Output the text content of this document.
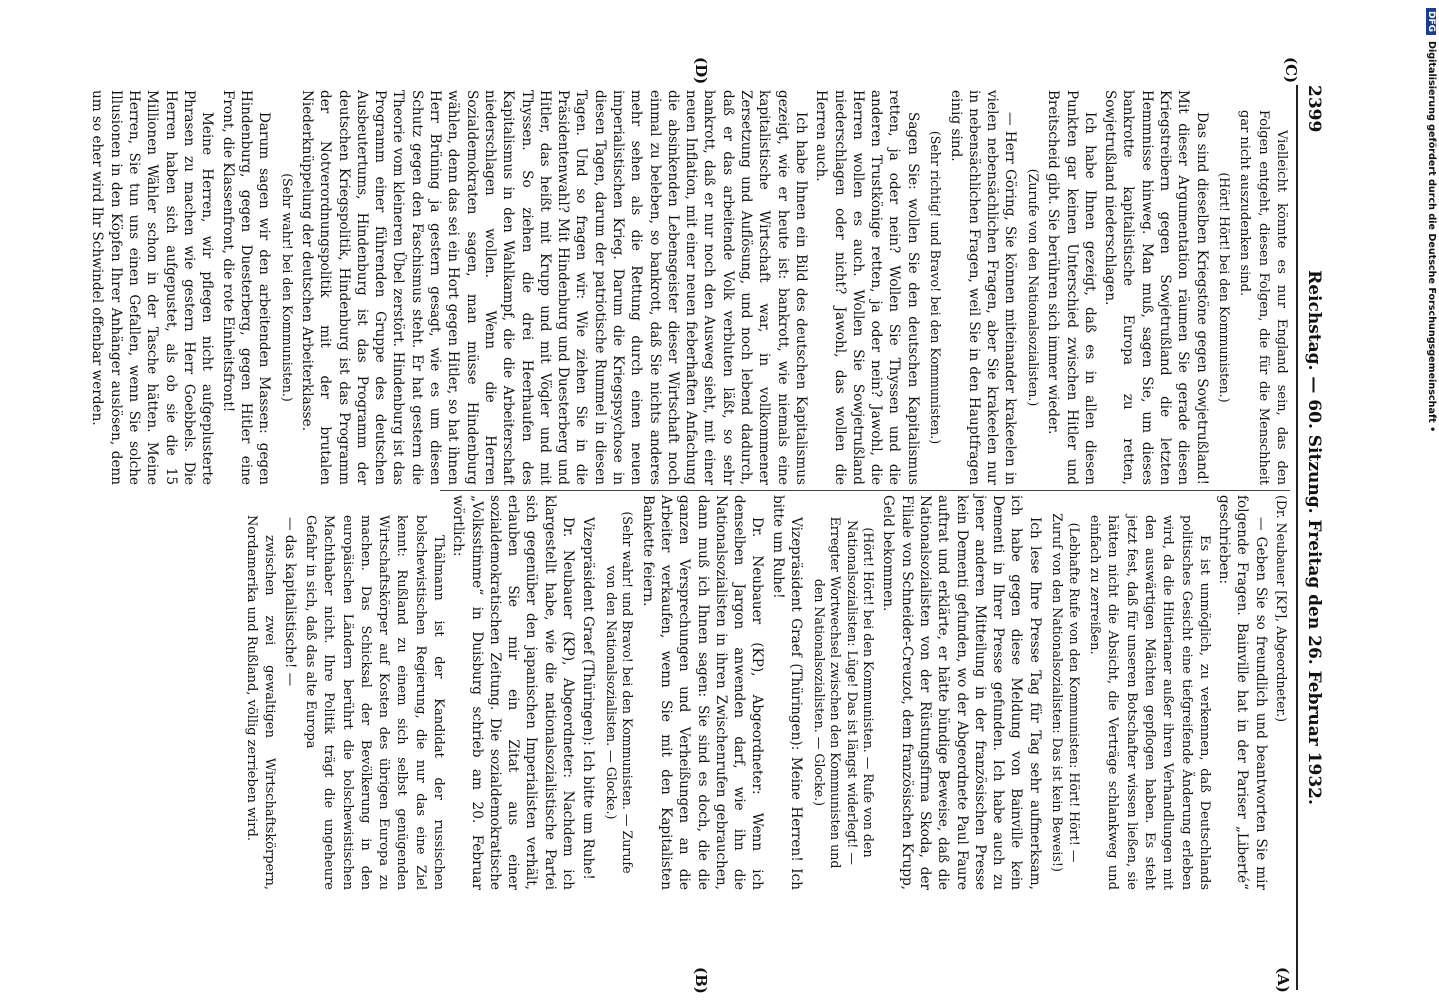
2399
Reichstag. — 60. Sitzung. Freitag den 26. Februar 1932.

Vielleicht könnte es nur England sein, das den Folgen entgeht, diesen Folgen, die für die Menschheit gar nicht auszudenken sind.

(Hört! Hört! bei den Kommunisten.)

Das sind dieselben Kriegstöne gegen Sowjetrußland! Mit dieser Argumentation räumen Sie gerade diesen Kriegstreibern gegen Sowjetrußland die letzten Hemmnisse hinweg. Man muß, sagen Sie, um dieses bankrotte kapitalistische Europa zu retten, Sowjetrußland niederschlagen.

Ich habe Ihnen gezeigt, daß es in allen diesen Punkten gar keinen Unterschied zwischen Hitler und Breitscheid gibt. Sie berühren sich immer wieder.

(Zurufe von den Nationalsozialisten.)

— Herr Göring, Sie können miteinander krakeelen in vielen nebensächlichen Fragen, aber Sie krakeelen nur in nebensächlichen Fragen, weil Sie in den Hauptfragen einig sind.

(Sehr richtig! und Bravo! bei den Kommunisten.)

Sagen Sie: wollen Sie den deutschen Kapitalismus retten, ja oder nein? Wollen Sie Thyssen und die anderen Trustkönige retten, ja oder nein? Jawohl, die Herren wollen es auch. Wollen Sie Sowjetrußland niederschlagen oder nicht? Jawohl, das wollen die Herren auch.

Ich habe Ihnen ein Bild des deutschen Kapitalismus gezeigt, wie er heute ist: bankrott, wie niemals eine kapitalistische Wirtschaft war, in vollkommener Zersetzung und Auflösung, und noch lebend dadurch, daß er das arbeitende Volk verbluten läßt, so sehr bankrott, daß er nur noch den Ausweg sieht, mit einer neuen Inflation, mit einer neuen fieberhaften Anfachung die absinkenden Lebensgeister dieser Wirtschaft noch einmal zu beleben, so bankrott, daß Sie nichts anderes mehr sehen als die Rettung durch einen neuen imperialistischen Krieg. Darum die Kriegspsychose in diesen Tagen, darum der patriotische Rummel in diesen Tagen. Und so fragen wir: Wie ziehen Sie in die Präsidentenwahl? Mit Hindenburg und Duesterberg und Hitler, das heißt mit Krupp und mit Vögler und mit Thyssen. So ziehen die drei Heerhaufen des Kapitalismus in den Wahlkampf, die die Arbeiterschaft niederschlagen wollen. Wenn die Herren Sozialdemokraten sagen, man müsse Hindenburg wählen, denn das sei ein Hort gegen Hitler, so hat ihnen Herr Brüning ja gestern gesagt, wie es um diesen Schutz gegen den Faschismus steht. Er hat gestern die Theorie vom kleineren Übel zerstört. Hindenburg ist das Programm einer führenden Gruppe des deutschen Ausbeutertums, Hindenburg ist das Programm der deutschen Kriegspolitik, Hindenburg ist das Programm der Notverordnungspolitik mit der brutalen Niederknüppelung der deutschen Arbeiterklasse.

(Sehr wahr! bei den Kommunisten.)

Darum sagen wir den arbeitenden Massen: gegen Hindenburg, gegen Duesterberg, gegen Hitler eine Front, die Klassenfront, die rote Einheitsfront!

Meine Herren, wir pflegen nicht aufgeplusterte Phrasen zu machen wie gestern Herr Goebbels. Die Herren haben sich aufgepustet, als ob sie die 15 Millionen Wähler schon in der Tasche hätten. Meine Herren, Sie tun uns einen Gefallen, wenn Sie solche Illusionen in den Köpfen Ihrer Anhänger auslösen, denn um so eher wird Ihr Schwindel offenbar werden.

(Dr. Neubauer [KP], Abgeordneter.)

— Geben Sie so freundlich und beantworten Sie mir folgende Fragen. Bainville hat in der Pariser „Liberté“ geschrieben:

Es ist unmöglich, zu verkennen, daß Deutschlands politisches Gesicht eine tiefgreifende Änderung erleben wird, da die Hitlerianer außer ihren Verhandlungen mit den auswärtigen Mächten gepflogen haben. Es steht jetzt fest, daß für unseren Botschafter wissen ließen, sie hätten nicht die Absicht, die Verträge schlankweg und einfach zu zerreißen.

(Lebhafte Rufe von den Kommunisten: Hört! Hört! — Zuruf von den Nationalsozialisten: Das ist kein Beweis!)

Ich lese Ihre Presse Tag für Tag sehr aufmerksam, ich habe gegen diese Meldung von Bainville kein Dementi in Ihrer Presse gefunden. Ich habe auch zu jener anderen Mitteilung in der französischen Presse kein Dementi gefunden, wo der Abgeordnete Paul Faure auftrat und erklärte, er hätte bündige Beweise, daß die Nationalsozialisten von der Rüstungsfirma Skoda, der Filiale von Schneider-Creuzot, dem französischen Krupp, Geld bekommen.

(Hört! Hört! bei den Kommunisten. — Rufe von den Nationalsozialisten: Lüge! Das ist längst widerlegt! — Erregter Wortwechsel zwischen den Kommunisten und den Nationalsozialisten. — Glocke.)

Vizepräsident Graef (Thüringen): Meine Herren! Ich bitte um Ruhe!

Dr. Neubauer (KP), Abgeordneter: Wenn ich denselben Jargon anwenden darf, wie ihn die Nationalsozialisten in ihren Zwischenrufen gebrauchen, dann muß ich Ihnen sagen: Sie sind es doch, die die ganzen Versprechungen und Verheißungen an die Arbeiter verkaufen, wenn Sie mit den Kapitalisten Bankette feiern.

(Sehr wahr! und Bravo! bei den Kommunisten. — Zurufe von den Nationalsozialisten. — Glocke.)

Vizepräsident Graef (Thüringen): Ich bitte um Ruhe!

Dr. Neubauer (KP), Abgeordneter: Nachdem ich klargestellt habe, wie die nationalsozialistische Partei sich gegenüber den japanischen Imperialisten verhält, erlauben Sie mir ein Zitat aus einer sozialdemokratischen Zeitung. Die sozialdemokratische „Volksstimme“ in Duisburg schrieb am 20. Februar wörtlich:

Thälmann ist der Kandidat der russischen bolschewistischen Regierung, die nur das eine Ziel kennt: Rußland zu einem sich selbst genügenden Wirtschaftskörper auf Kosten des übrigen Europa zu machen. Das Schicksal der Bevölkerung in den europäischen Ländern berührt die bolschewistischen Machthaber nicht. Ihre Politik trägt die ungeheure Gefahr in sich, daß das alte Europa

— das kapitalistische! —

zwischen zwei gewaltigen Wirtschaftskörpern, Nordamerika und Rußland, völlig zerrieben wird.

(A)
(B)
(C)
(D)
DFGDigitalisierung gefördert durch die Deutsche Forschungsgemeinschaft •
